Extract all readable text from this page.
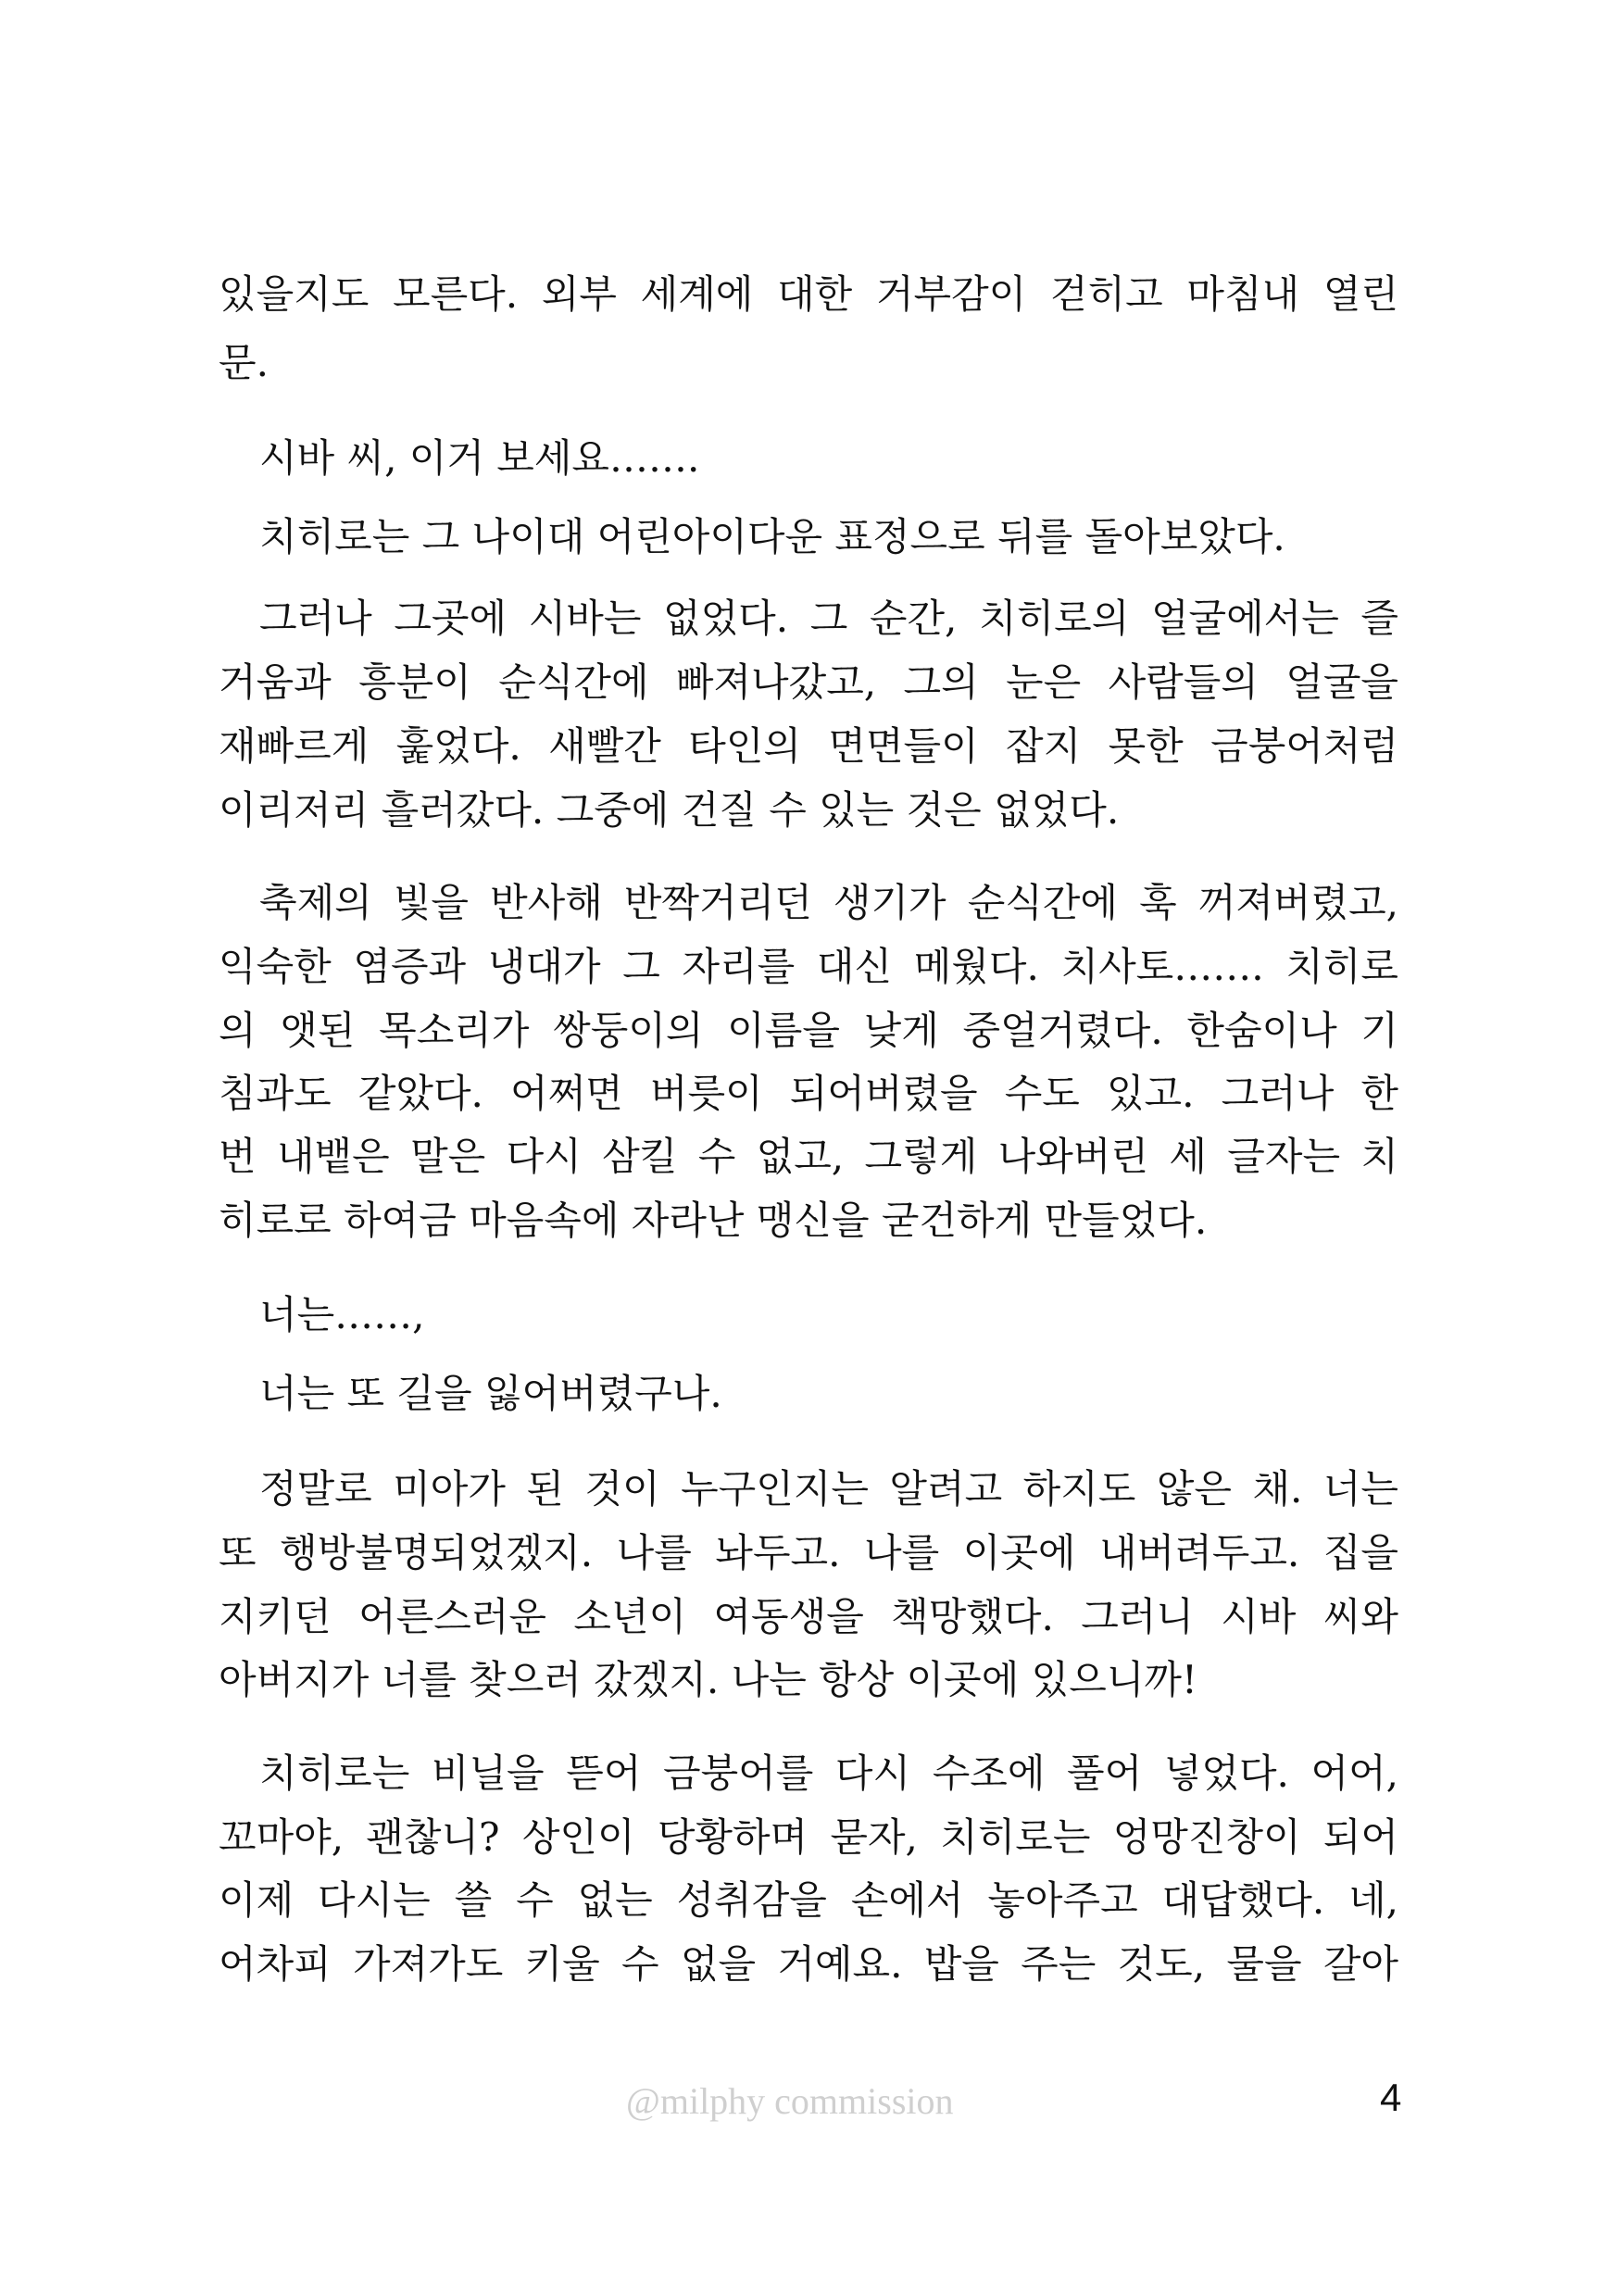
있을지도 모른다. 외부 세계에 대한 거부감이 걷히고 마침내 열린
문.
시바 씨, 이거 보세요…….
치히로는 그 나이대 어린아이다운 표정으로 뒤를 돌아보았다.
그러나 그곳에 시바는 없었다. 그 순간, 치히로의 얼굴에서는 즐
거움과 흥분이 순식간에 빠져나갔고, 그의 눈은 사람들의 얼굴을
재빠르게 훑었다. 새빨간 타인의 면면들이 잡지 못한 금붕어처럼
이리저리 흘러갔다. 그중에 건질 수 있는 것은 없었다.
축제의 빛을 반사해 반짝거리던 생기가 순식간에 훅 꺼져버렸고,
익숙한 염증과 냉대가 그 자리를 대신 메웠다. 치사토……. 치히로
의 앳된 목소리가 쌍둥이의 이름을 낮게 중얼거렸다. 한숨이나 기
침과도 같았다. 어쩌면 버릇이 되어버렸을 수도 있고. 그러나 한
번 내뱉은 말은 다시 삼킬 수 없고, 그렇게 나와버린 세 글자는 치
히로로 하여금 마음속에 자라난 맹신을 굳건하게 만들었다.
너는……,
너는 또 길을 잃어버렸구나.
정말로 미아가 된 것이 누구인지는 알려고 하지도 않은 채. 너는
또 행방불명되었겠지. 나를 놔두고. 나를 이곳에 내버려두고. 집을
지키던 어른스러운 소년이 여동생을 책망했다. 그러니 시바 씨와
아버지가 너를 찾으러 갔겠지. 나는 항상 이곳에 있으니까!
치히로는 비닐을 뜯어 금붕어를 다시 수조에 풀어 넣었다. 어어,
꼬마야, 괜찮니? 상인이 당황하며 묻자, 치히로는 엉망진창이 되어
이제 다시는 쓸 수 없는 성취감을 손에서 놓아주고 대답했다. 네,
어차피 가져가도 키울 수 없을 거예요. 밥을 주는 것도, 물을 갈아
@milphy commission	4
